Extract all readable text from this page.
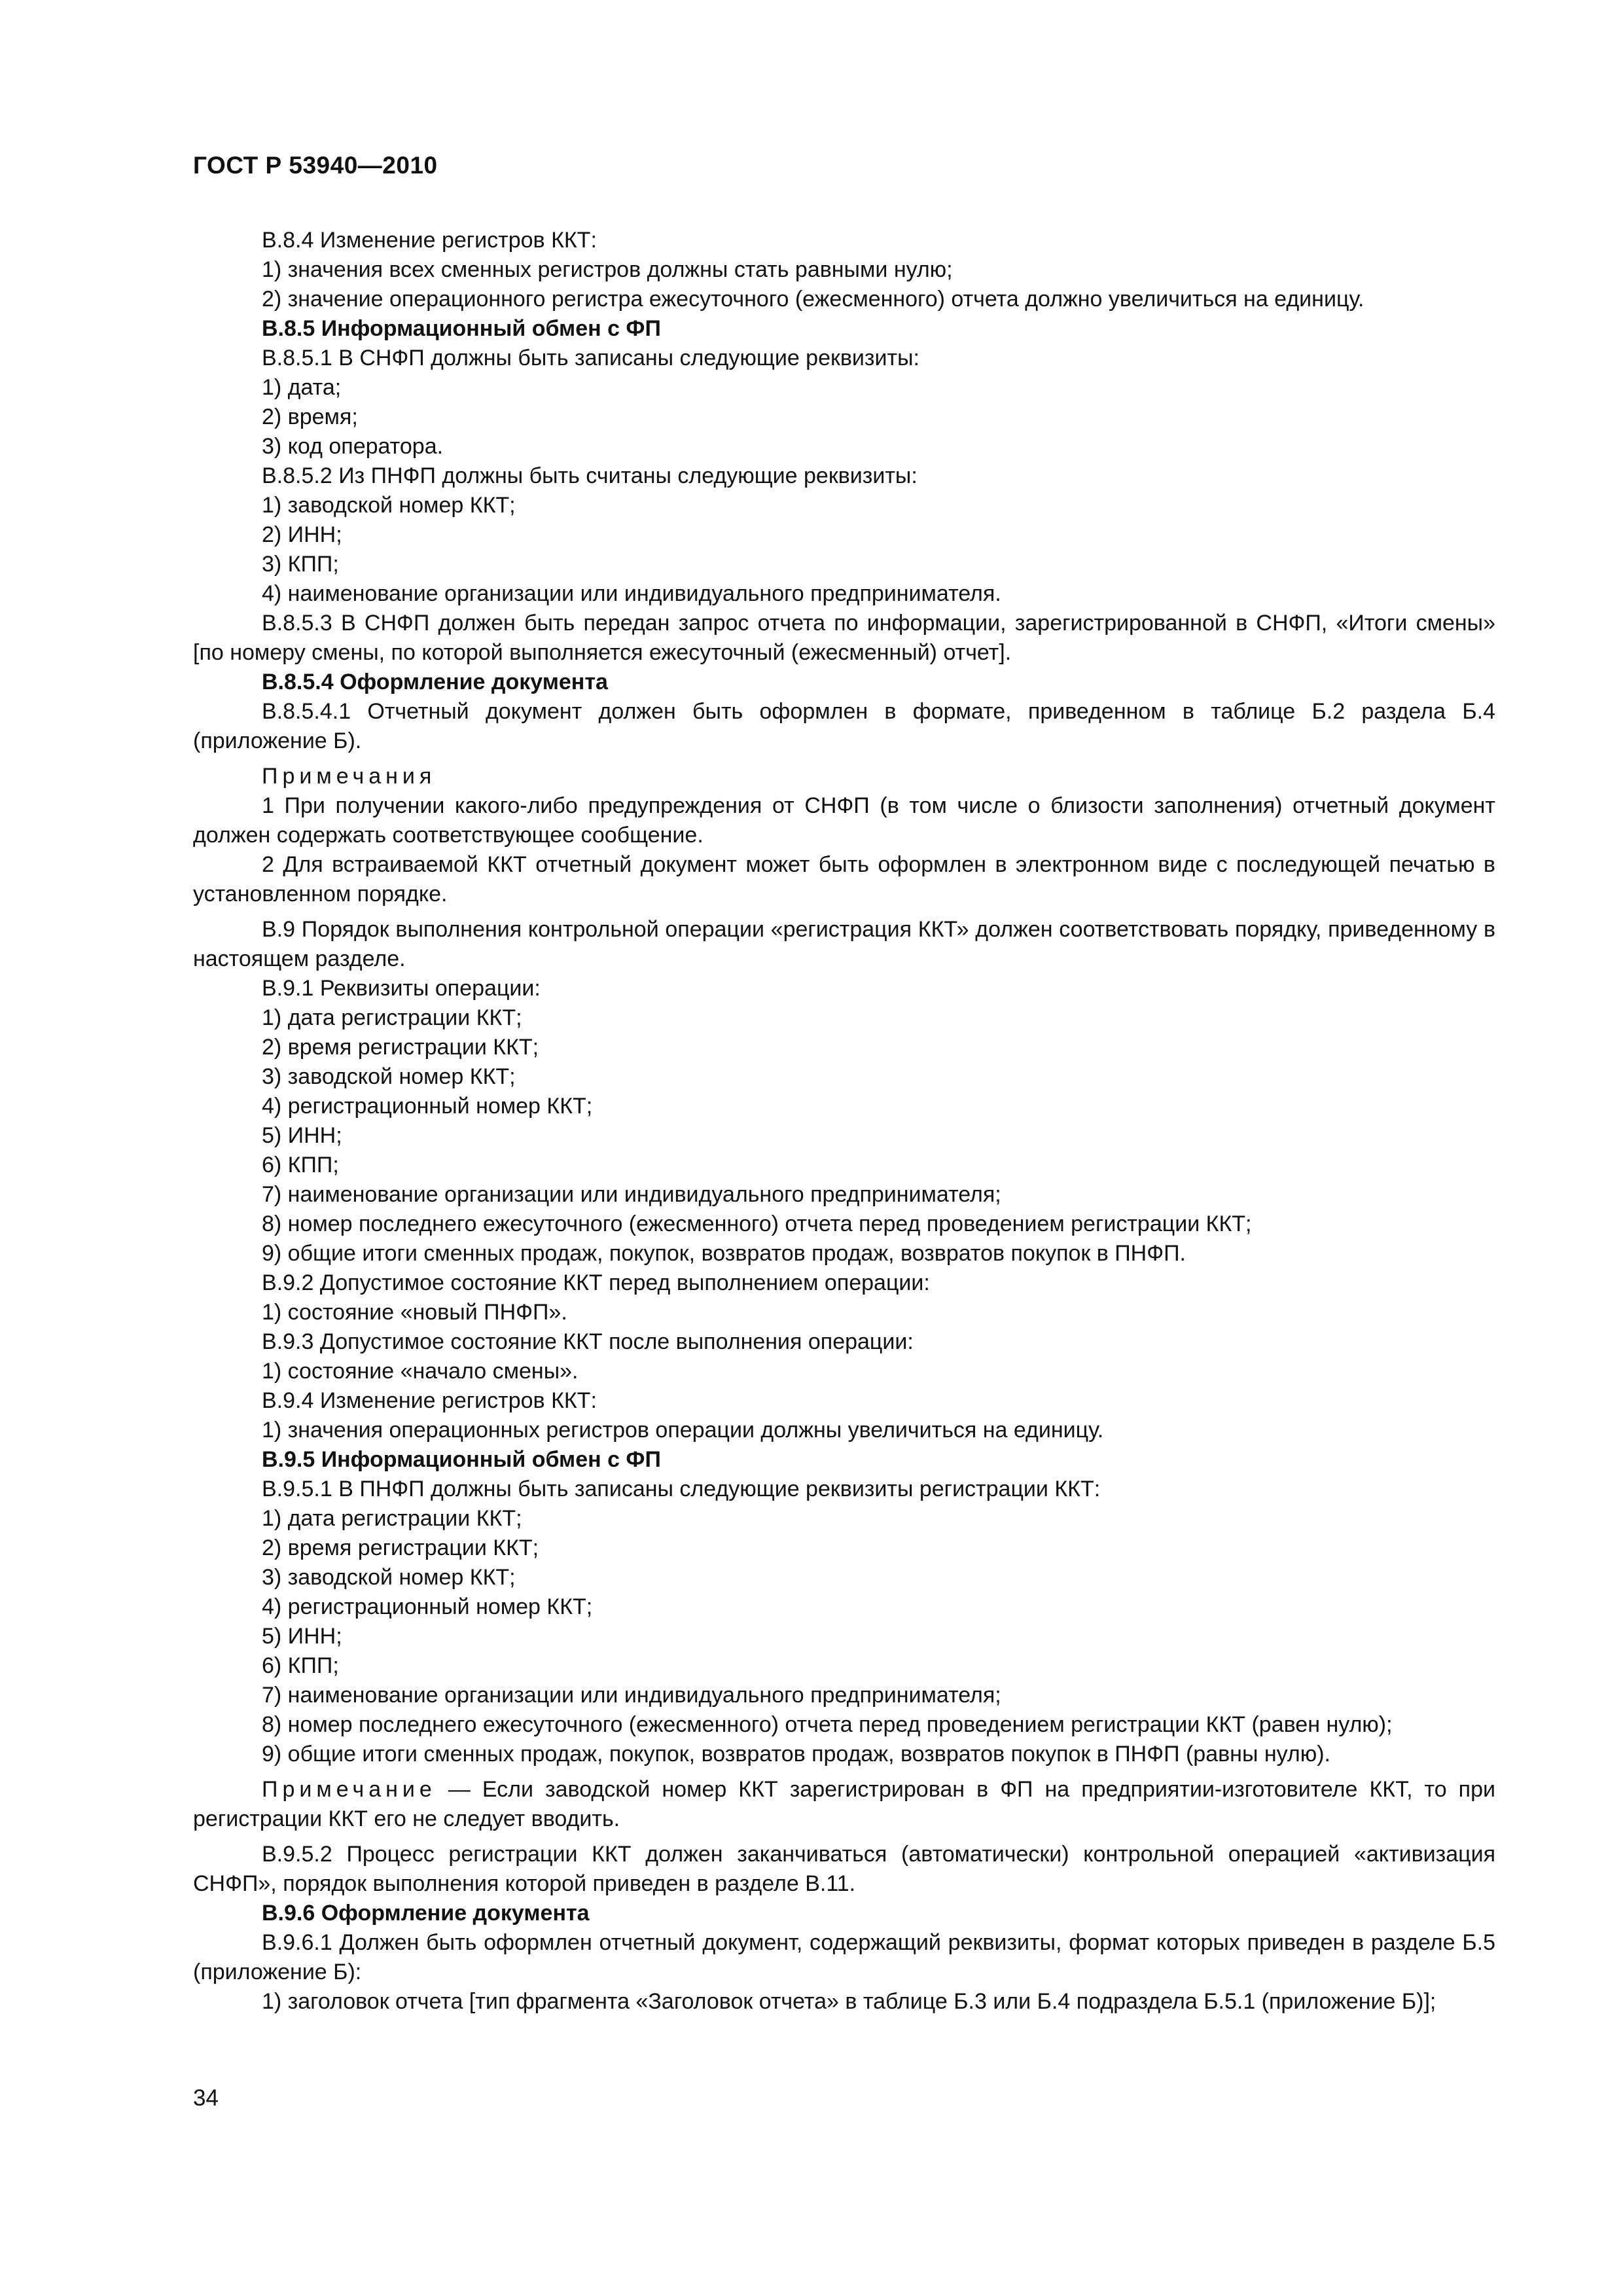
ГОСТ Р 53940—2010

В.8.4 Изменение регистров ККТ:

1) значения всех сменных регистров должны стать равными нулю;

2) значение операционного регистра ежесуточного (ежесменного) отчета должно увеличиться на единицу.

В.8.5 Информационный обмен с ФП

В.8.5.1 В СНФП должны быть записаны следующие реквизиты:

1) дата;

2) время;

3) код оператора.

В.8.5.2 Из ПНФП должны быть считаны следующие реквизиты:

1) заводской номер ККТ;

2) ИНН;

3) КПП;

4) наименование организации или индивидуального предпринимателя.

В.8.5.3 В СНФП должен быть передан запрос отчета по информации, зарегистрированной в СНФП, «Итоги смены» [по номеру смены, по которой выполняется ежесуточный (ежесменный) отчет].

В.8.5.4 Оформление документа

В.8.5.4.1 Отчетный документ должен быть оформлен в формате, приведенном в таблице Б.2 раздела Б.4 (приложение Б).

Примечания

1 При получении какого-либо предупреждения от СНФП (в том числе о близости заполнения) отчетный документ должен содержать соответствующее сообщение.

2 Для встраиваемой ККТ отчетный документ может быть оформлен в электронном виде с последующей печатью в установленном порядке.

В.9 Порядок выполнения контрольной операции «регистрация ККТ» должен соответствовать порядку, приведенному в настоящем разделе.

В.9.1 Реквизиты операции:

1) дата регистрации ККТ;

2) время регистрации ККТ;

3) заводской номер ККТ;

4) регистрационный номер ККТ;

5) ИНН;

6) КПП;

7) наименование организации или индивидуального предпринимателя;

8) номер последнего ежесуточного (ежесменного) отчета перед проведением регистрации ККТ;

9) общие итоги сменных продаж, покупок, возвратов продаж, возвратов покупок в ПНФП.

В.9.2 Допустимое состояние ККТ перед выполнением операции:

1) состояние «новый ПНФП».

В.9.3 Допустимое состояние ККТ после выполнения операции:

1) состояние «начало смены».

В.9.4 Изменение регистров ККТ:

1) значения операционных регистров операции должны увеличиться на единицу.

В.9.5 Информационный обмен с ФП

В.9.5.1 В ПНФП должны быть записаны следующие реквизиты регистрации ККТ:

1) дата регистрации ККТ;

2) время регистрации ККТ;

3) заводской номер ККТ;

4) регистрационный номер ККТ;

5) ИНН;

6) КПП;

7) наименование организации или индивидуального предпринимателя;

8) номер последнего ежесуточного (ежесменного) отчета перед проведением регистрации ККТ (равен нулю);

9) общие итоги сменных продаж, покупок, возвратов продаж, возвратов покупок в ПНФП (равны нулю).

Примечание — Если заводской номер ККТ зарегистрирован в ФП на предприятии-изготовителе ККТ, то при регистрации ККТ его не следует вводить.

В.9.5.2 Процесс регистрации ККТ должен заканчиваться (автоматически) контрольной операцией «активизация СНФП», порядок выполнения которой приведен в разделе В.11.

В.9.6 Оформление документа

В.9.6.1 Должен быть оформлен отчетный документ, содержащий реквизиты, формат которых приведен в разделе Б.5 (приложение Б):

1) заголовок отчета [тип фрагмента «Заголовок отчета» в таблице Б.3 или Б.4 подраздела Б.5.1 (приложение Б)];

34
